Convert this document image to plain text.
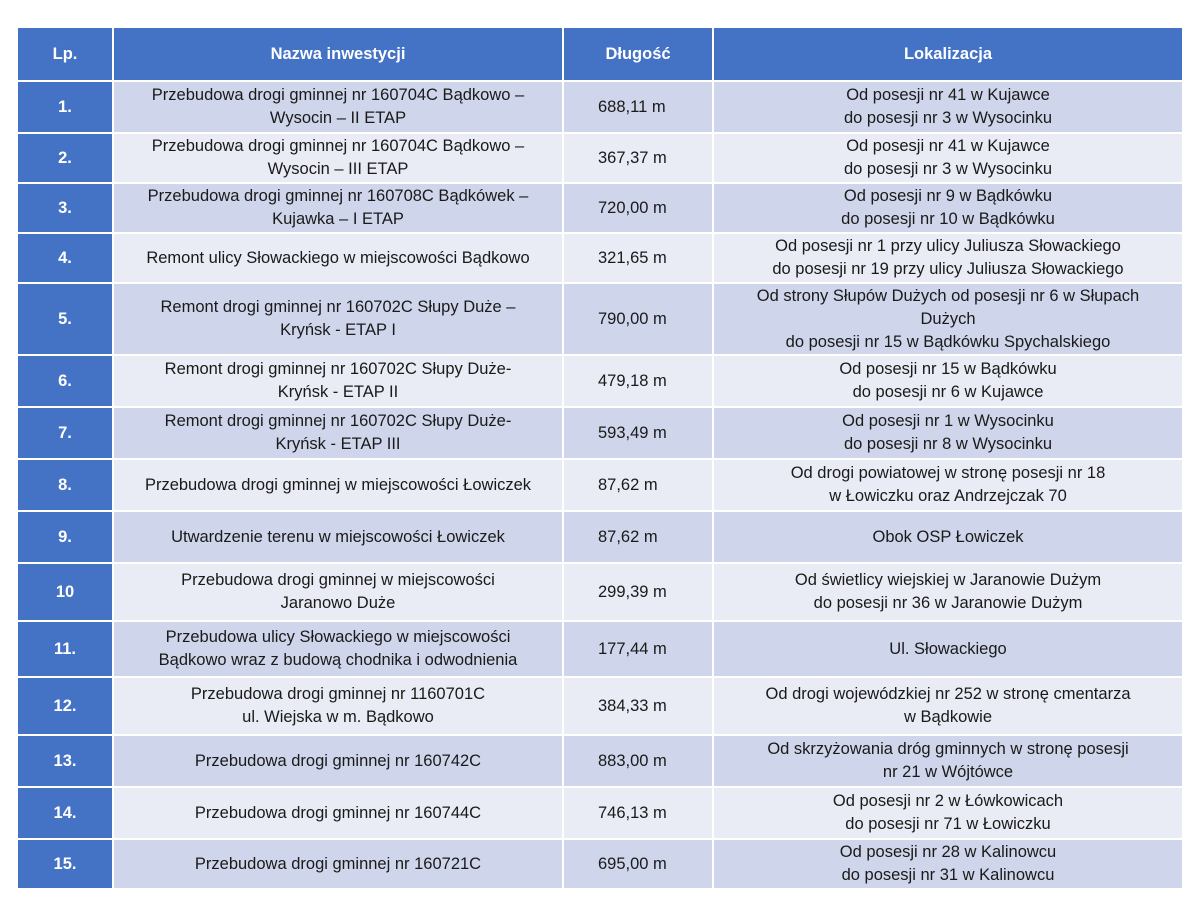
Lp.	Nazwa inwestycji	Długość	Lokalizacja
1.	Przebudowa drogi gminnej nr 160704C Bądkowo –
Wysocin – II ETAP	688,11 m	Od posesji nr 41 w Kujawce
do posesji nr 3 w Wysocinku

2.	Przebudowa drogi gminnej nr 160704C Bądkowo –
Wysocin – III ETAP	367,37 m	Od posesji nr 41 w Kujawce
do posesji nr 3 w Wysocinku

3.	Przebudowa drogi gminnej nr 160708C Bądkówek –
Kujawka – I ETAP	720,00 m	Od posesji nr 9 w Bądkówku
do posesji nr 10 w Bądkówku

4.	Remont ulicy Słowackiego w miejscowości Bądkowo	321,65 m	Od posesji nr 1 przy ulicy Juliusza Słowackiego
do posesji nr 19 przy ulicy Juliusza Słowackiego

5.	Remont drogi gminnej nr 160702C Słupy Duże –
Kryńsk - ETAP I	790,00 m	Od strony Słupów Dużych od posesji nr 6 w Słupach
Dużych
do posesji nr 15 w Bądkówku Spychalskiego

6.	Remont drogi gminnej nr 160702C Słupy Duże-
Kryńsk - ETAP II	479,18 m	Od posesji nr 15 w Bądkówku
do posesji nr 6 w Kujawce

7.	Remont drogi gminnej nr 160702C Słupy Duże-
Kryńsk - ETAP III	593,49 m	Od posesji nr 1 w Wysocinku
do posesji nr 8 w Wysocinku

8.	Przebudowa drogi gminnej w miejscowości Łowiczek	87,62 m	Od drogi powiatowej w stronę posesji nr 18
w Łowiczku oraz Andrzejczak 70

9.	Utwardzenie terenu w miejscowości Łowiczek	87,62 m	Obok OSP Łowiczek

10	Przebudowa drogi gminnej w miejscowości
Jaranowo Duże	299,39 m	Od świetlicy wiejskiej w Jaranowie Dużym
do posesji nr 36 w Jaranowie Dużym

11.	Przebudowa ulicy Słowackiego w miejscowości
Bądkowo wraz z budową chodnika i odwodnienia	177,44 m	Ul. Słowackiego

12.	Przebudowa drogi gminnej nr 1160701C
ul. Wiejska w m. Bądkowo	384,33 m	Od drogi wojewódzkiej nr 252 w stronę cmentarza
w Bądkowie

13.	Przebudowa drogi gminnej nr 160742C	883,00 m	Od skrzyżowania dróg gminnych w stronę posesji
nr 21 w Wójtówce

14.	Przebudowa drogi gminnej nr 160744C	746,13 m	Od posesji nr 2 w Łówkowicach
do posesji nr 71 w Łowiczku

15.	Przebudowa drogi gminnej nr 160721C	695,00 m	Od posesji nr 28 w Kalinowcu
do posesji nr 31 w Kalinowcu
